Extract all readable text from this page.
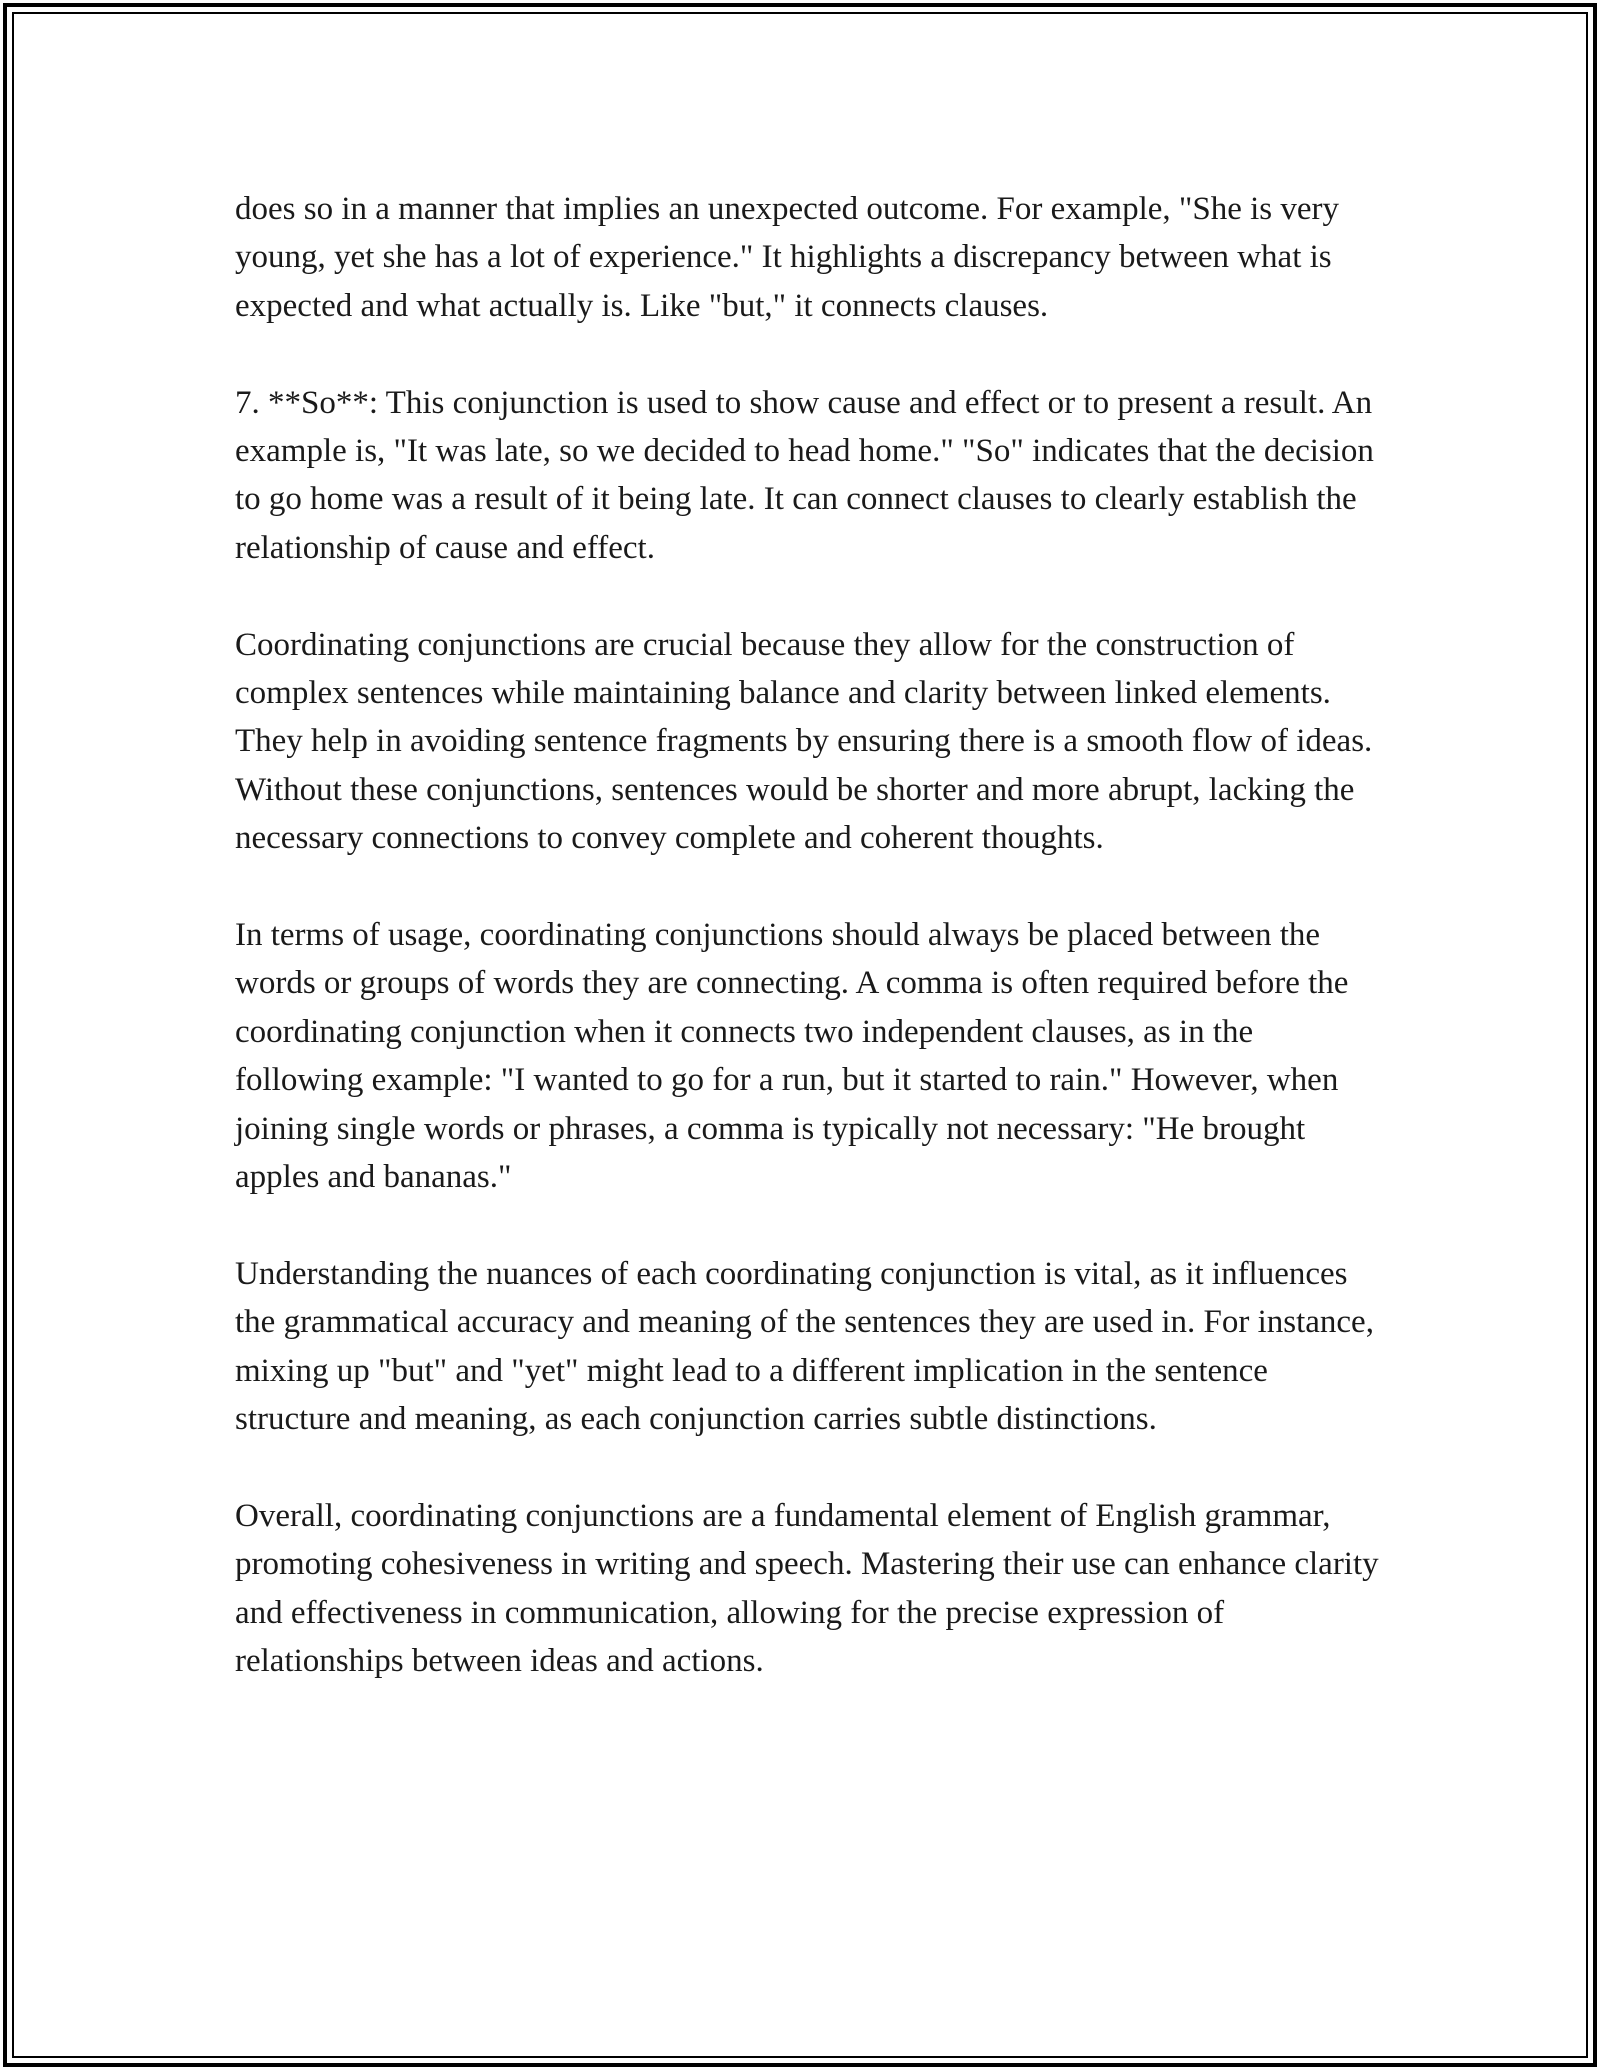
does so in a manner that implies an unexpected outcome. For example, "She is very young, yet she has a lot of experience." It highlights a discrepancy between what is expected and what actually is. Like "but," it connects clauses.

7. **So**: This conjunction is used to show cause and effect or to present a result. An example is, "It was late, so we decided to head home." "So" indicates that the decision to go home was a result of it being late. It can connect clauses to clearly establish the relationship of cause and effect.

Coordinating conjunctions are crucial because they allow for the construction of complex sentences while maintaining balance and clarity between linked elements. They help in avoiding sentence fragments by ensuring there is a smooth flow of ideas. Without these conjunctions, sentences would be shorter and more abrupt, lacking the necessary connections to convey complete and coherent thoughts.

In terms of usage, coordinating conjunctions should always be placed between the words or groups of words they are connecting. A comma is often required before the coordinating conjunction when it connects two independent clauses, as in the following example: "I wanted to go for a run, but it started to rain." However, when joining single words or phrases, a comma is typically not necessary: "He brought apples and bananas."

Understanding the nuances of each coordinating conjunction is vital, as it influences the grammatical accuracy and meaning of the sentences they are used in. For instance, mixing up "but" and "yet" might lead to a different implication in the sentence structure and meaning, as each conjunction carries subtle distinctions.

Overall, coordinating conjunctions are a fundamental element of English grammar, promoting cohesiveness in writing and speech. Mastering their use can enhance clarity and effectiveness in communication, allowing for the precise expression of relationships between ideas and actions.
